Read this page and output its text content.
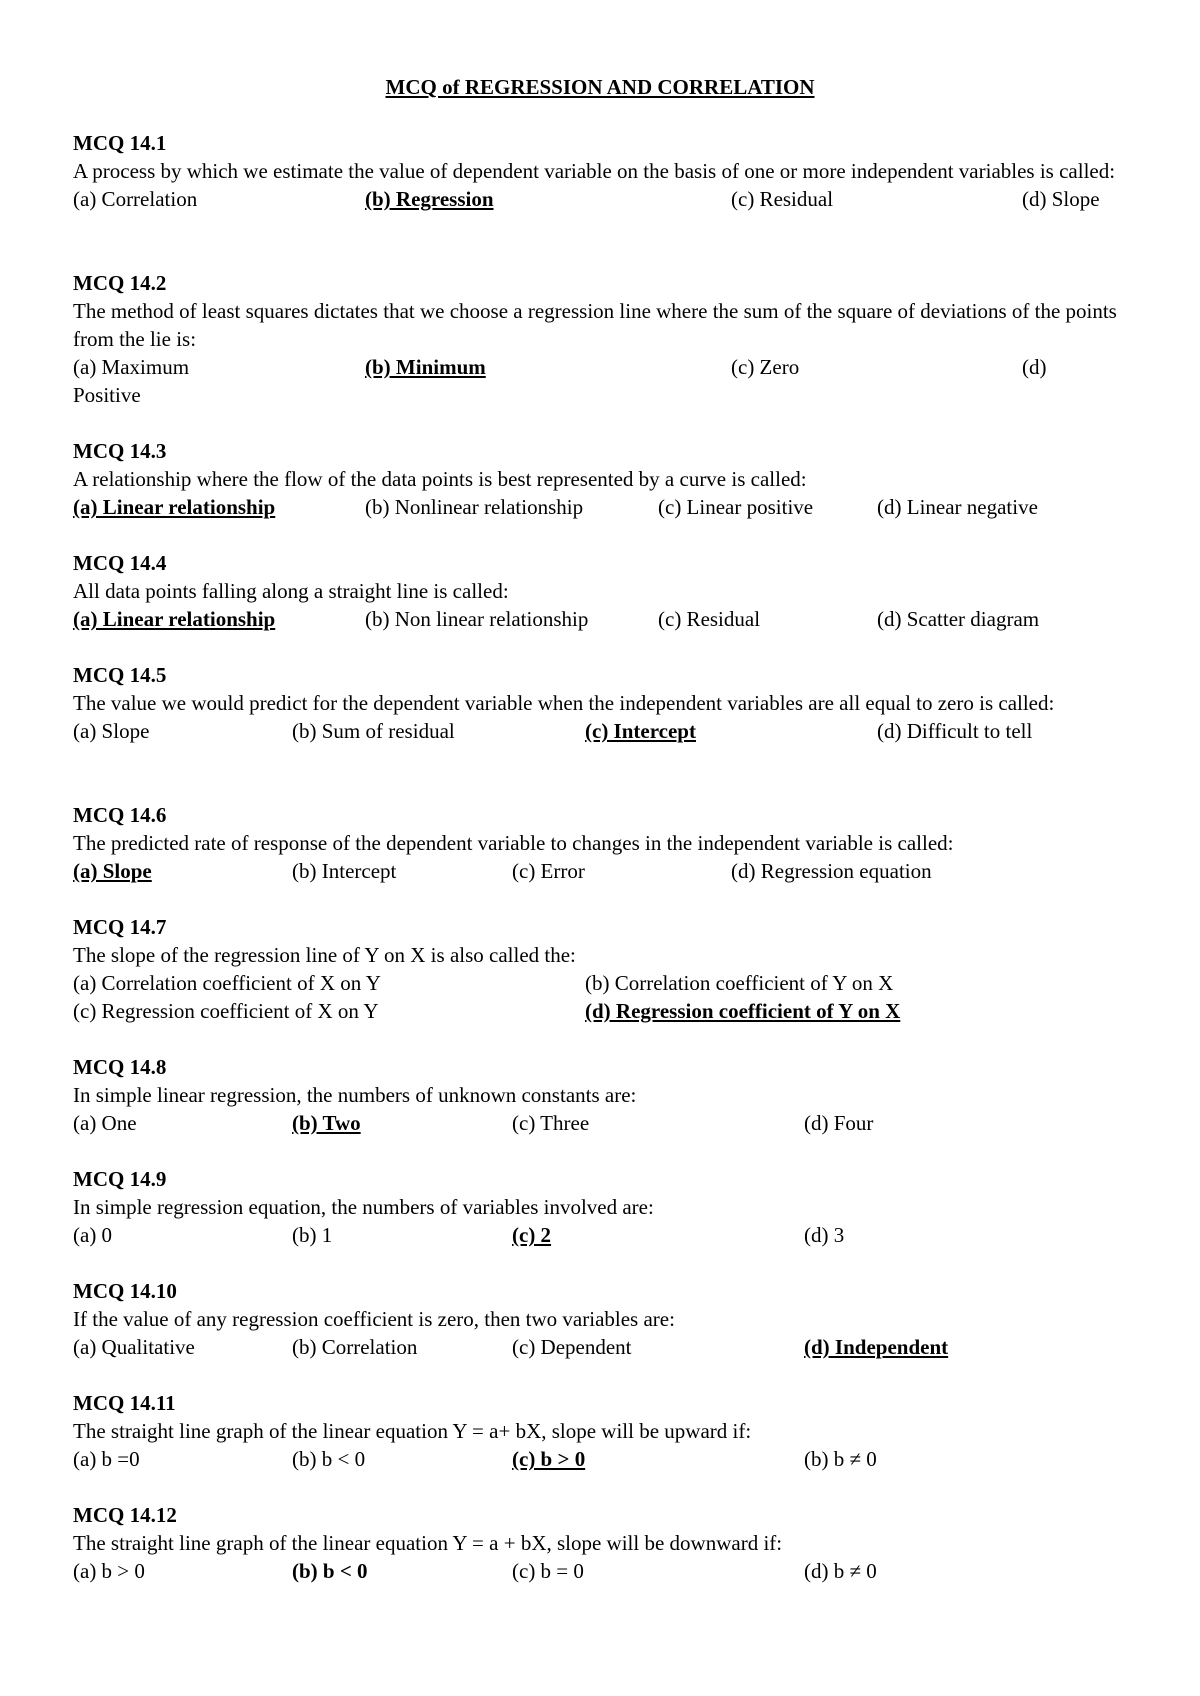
MCQ of REGRESSION AND CORRELATION
MCQ 14.1
A process by which we estimate the value of dependent variable on the basis of one or more independent variables is called:
(a) Correlation	(b) Regression	(c) Residual	(d) Slope
MCQ 14.2
The method of least squares dictates that we choose a regression line where the sum of the square of deviations of the points from the lie is:
(a) Maximum	(b) Minimum	(c) Zero	(d)
Positive
MCQ 14.3
A relationship where the flow of the data points is best represented by a curve is called:
(a) Linear relationship	(b) Nonlinear relationship	(c) Linear positive	(d) Linear negative
MCQ 14.4
All data points falling along a straight line is called:
(a) Linear relationship	(b) Non linear relationship	(c) Residual	(d) Scatter diagram
MCQ 14.5
The value we would predict for the dependent variable when the independent variables are all equal to zero is called:
(a) Slope	(b) Sum of residual	(c) Intercept	(d) Difficult to tell
MCQ 14.6
The predicted rate of response of the dependent variable to changes in the independent variable is called:
(a) Slope	(b) Intercept	(c) Error	(d) Regression equation
MCQ 14.7
The slope of the regression line of Y on X is also called the:
(a) Correlation coefficient of X on Y	(b) Correlation coefficient of Y on X
(c) Regression coefficient of X on Y	(d) Regression coefficient of Y on X
MCQ 14.8
In simple linear regression, the numbers of unknown constants are:
(a) One	(b) Two	(c) Three	(d) Four
MCQ 14.9
In simple regression equation, the numbers of variables involved are:
(a) 0	(b) 1	(c) 2	(d) 3
MCQ 14.10
If the value of any regression coefficient is zero, then two variables are:
(a) Qualitative	(b) Correlation	(c) Dependent	(d) Independent
MCQ 14.11
The straight line graph of the linear equation Y = a+ bX, slope will be upward if:
(a) b =0	(b) b < 0	(c) b > 0	(b) b ≠ 0
MCQ 14.12
The straight line graph of the linear equation Y = a + bX, slope will be downward if:
(a) b > 0	(b) b < 0	(c) b = 0	(d) b ≠ 0
